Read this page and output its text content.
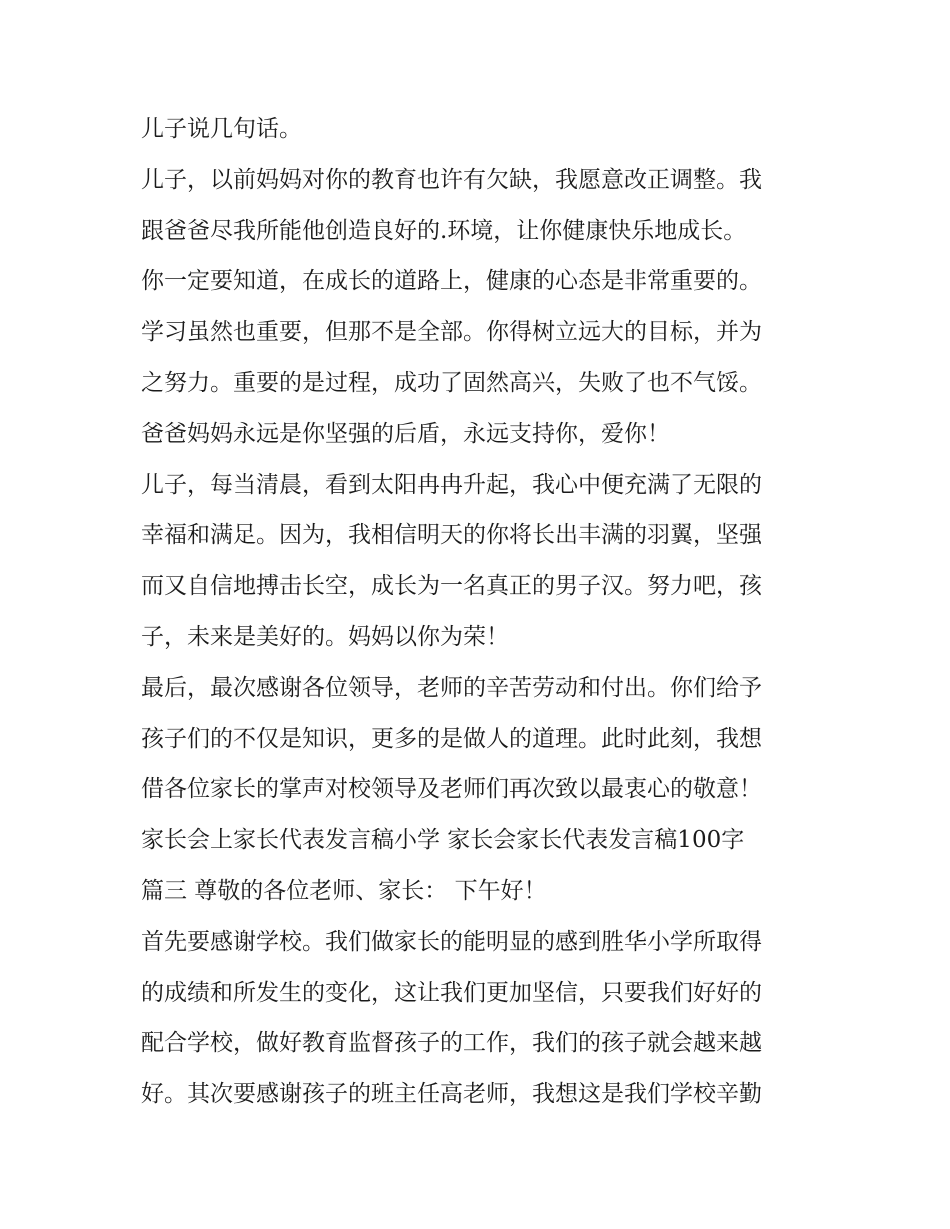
儿子说几句话。
儿子，以前妈妈对你的教育也许有欠缺，我愿意改正调整。我
跟爸爸尽我所能他创造良好的.环境，让你健康快乐地成长。
你一定要知道，在成长的道路上，健康的心态是非常重要的。
学习虽然也重要，但那不是全部。你得树立远大的目标，并为
之努力。重要的是过程，成功了固然高兴，失败了也不气馁。
爸爸妈妈永远是你坚强的后盾，永远支持你，爱你！
儿子，每当清晨，看到太阳冉冉升起，我心中便充满了无限的
幸福和满足。因为，我相信明天的你将长出丰满的羽翼，坚强
而又自信地搏击长空，成长为一名真正的男子汉。努力吧，孩
子，未来是美好的。妈妈以你为荣！
最后，最次感谢各位领导，老师的辛苦劳动和付出。你们给予
孩子们的不仅是知识，更多的是做人的道理。此时此刻，我想
借各位家长的掌声对校领导及老师们再次致以最衷心的敬意！
家长会上家长代表发言稿小学 家长会家长代表发言稿100字
篇三 尊敬的各位老师、家长： 下午好！
首先要感谢学校。我们做家长的能明显的感到胜华小学所取得
的成绩和所发生的变化，这让我们更加坚信，只要我们好好的
配合学校，做好教育监督孩子的工作，我们的孩子就会越来越
好。其次要感谢孩子的班主任高老师，我想这是我们学校辛勤
